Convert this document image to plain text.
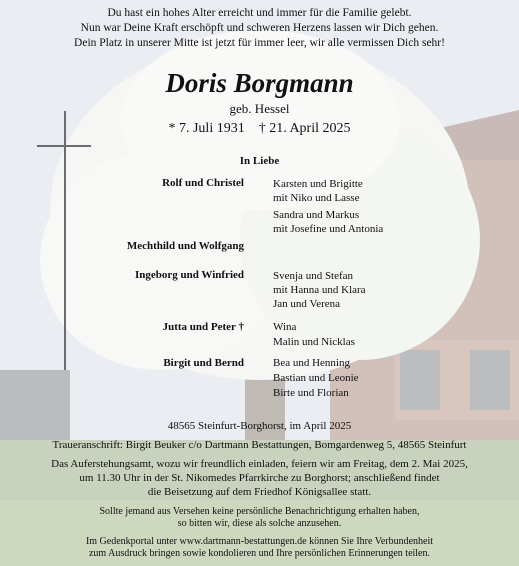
Du hast ein hohes Alter erreicht und immer für die Familie gelebt.
Nun war Deine Kraft erschöpft und schweren Herzens lassen wir Dich gehen.
Dein Platz in unserer Mitte ist jetzt für immer leer, wir alle vermissen Dich sehr!
Doris Borgmann
geb. Hessel
* 7. Juli 1931    † 21. April 2025
In Liebe
Rolf und Christel	Karsten und Brigitte
mit Niko und Lasse
Sandra und Markus
mit Josefine und Antonia
Mechthild und Wolfgang
Ingeborg und Winfried	Svenja und Stefan
mit Hanna und Klara
Jan und Verena
Jutta und Peter †	Wina
Malin und Nicklas
Birgit und Bernd	Bea und Henning
Bastian und Leonie
Birte und Florian
48565 Steinfurt-Borghorst, im April 2025
Traueranschrift: Birgit Beuker c/o Dartmann Bestattungen, Bomgardenweg 5, 48565 Steinfurt
Das Auferstehungsamt, wozu wir freundlich einladen, feiern wir am Freitag, dem 2. Mai 2025,
um 11.30 Uhr in der St. Nikomedes Pfarrkirche zu Borghorst; anschließend findet
die Beisetzung auf dem Friedhof Königsallee statt.
Sollte jemand aus Versehen keine persönliche Benachrichtigung erhalten haben,
so bitten wir, diese als solche anzusehen.
Im Gedenkportal unter www.dartmann-bestattungen.de können Sie Ihre Verbundenheit
zum Ausdruck bringen sowie kondolieren und Ihre persönlichen Erinnerungen teilen.
